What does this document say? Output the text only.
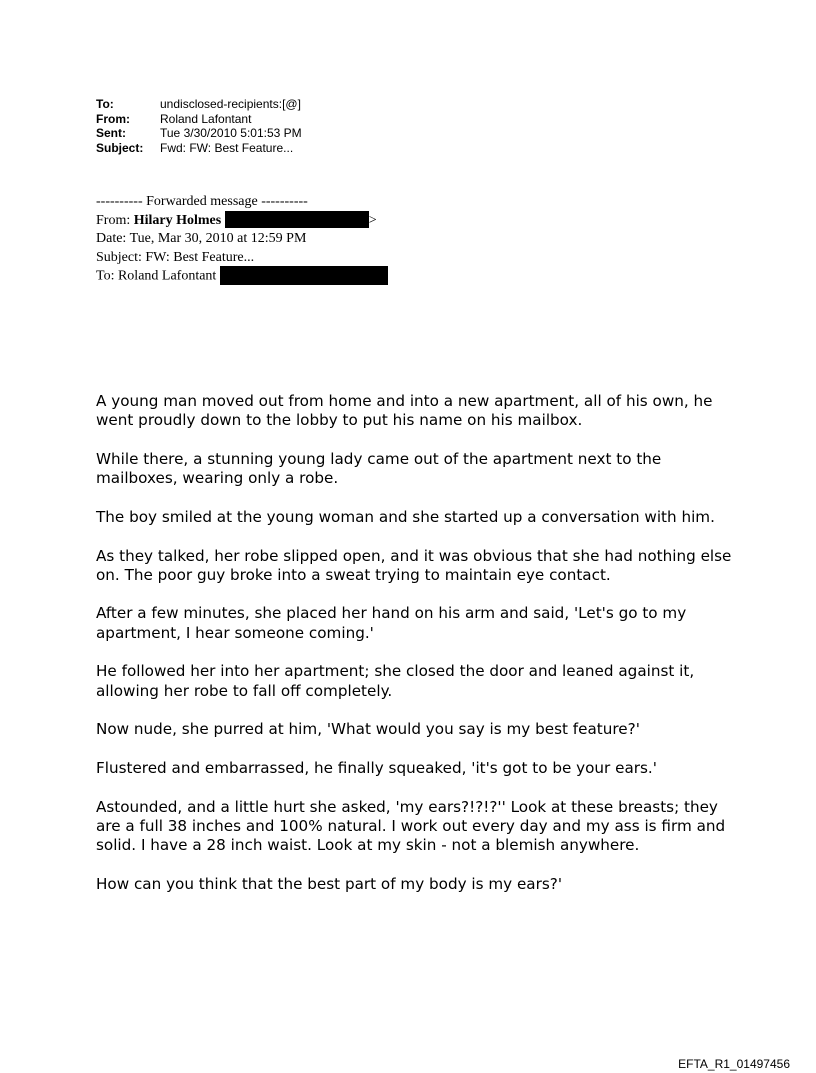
To:	undisclosed-recipients:[@]
From:	Roland Lafontant
Sent:	Tue 3/30/2010 5:01:53 PM
Subject:	Fwd: FW: Best Feature...
---------- Forwarded message ----------
From: Hilary Holmes	>
Date: Tue, Mar 30, 2010 at 12:59 PM
Subject: FW: Best Feature...
To: Roland Lafontant

A young man moved out from home and into a new apartment, all of his own, he went proudly down to the lobby to put his name on his mailbox.

While there, a stunning young lady came out of the apartment next to the mailboxes, wearing only a robe.

The boy smiled at the young woman and she started up a conversation with him.

As they talked, her robe slipped open, and it was obvious that she had nothing else on. The poor guy broke into a sweat trying to maintain eye contact.

After a few minutes, she placed her hand on his arm and said, 'Let's go to my apartment, I hear someone coming.'

He followed her into her apartment; she closed the door and leaned against it, allowing her robe to fall off completely.

Now nude, she purred at him, 'What would you say is my best feature?'

Flustered and embarrassed, he finally squeaked, 'it's got to be your ears.'

Astounded, and a little hurt she asked, 'my ears?!?!?'' Look at these breasts; they are a full 38 inches and 100% natural. I work out every day and my ass is firm and solid. I have a 28 inch waist. Look at my skin - not a blemish anywhere.

How can you think that the best part of my body is my ears?'

EFTA_R1_01497456
